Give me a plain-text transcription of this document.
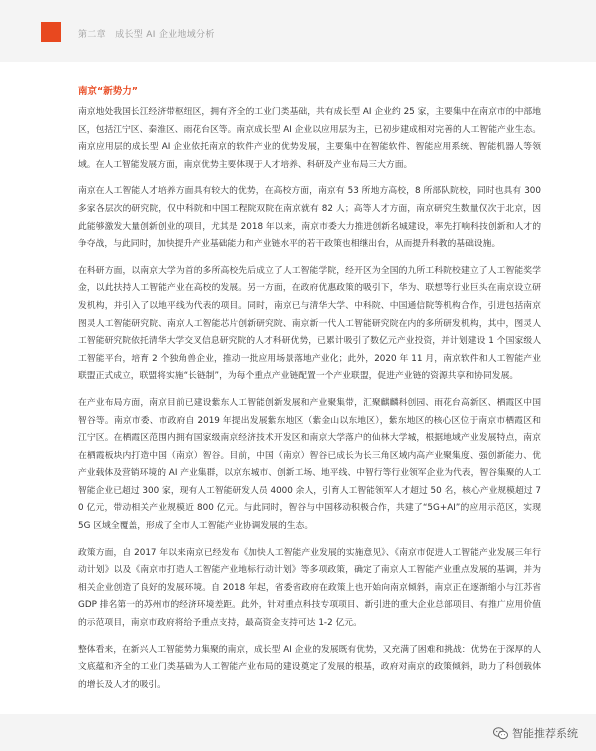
第二章　成长型 AI 企业地域分析
南京“新势力”

南京地处我国长江经济带枢纽区，拥有齐全的工业门类基础，共有成长型 AI 企业约 25 家，主要集中在南京市的中部地区，包括江宁区、秦淮区、雨花台区等。南京成长型 AI 企业以应用层为主，已初步建成相对完善的人工智能产业生态。南京应用层的成长型 AI 企业依托南京的软件产业的优势发展，主要集中在智能软件、智能应用系统、智能机器人等领域。在人工智能发展方面，南京优势主要体现于人才培养、科研及产业布局三大方面。

南京在人工智能人才培养方面具有较大的优势，在高校方面，南京有 53 所地方高校，8 所部队院校，同时也具有 300 多家各层次的研究院，仅中科院和中国工程院双院在南京就有 82 人；高等人才方面，南京研究生数量仅次于北京，因此能够激发大量创新创业的项目，尤其是 2018 年以来，南京市委大力推进创新名城建设，率先打响科技创新和人才的争夺战，与此同时，加快提升产业基础能力和产业链水平的若干政策也相继出台，从而提升科教的基础设施。

在科研方面，以南京大学为首的多所高校先后成立了人工智能学院，经开区为全国的九所工科院校建立了人工智能奖学金，以此扶持人工智能产业在高校的发展。另一方面，在政府优惠政策的吸引下，华为、联想等行业巨头在南京设立研发机构，并引入了以地平线为代表的项目。同时，南京已与清华大学、中科院、中国通信院等机构合作，引进包括南京图灵人工智能研究院、南京人工智能芯片创新研究院、南京新一代人工智能研究院在内的多所研发机构，其中，图灵人工智能研究院依托清华大学交叉信息研究院的人才科研优势，已累计吸引了数亿元产业投资，并计划建设 1 个国家级人工智能平台，培育 2 个独角兽企业，推动一批应用场景落地产业化；此外，2020 年 11 月，南京软件和人工智能产业联盟正式成立，联盟将实施“长链制”，为每个重点产业链配置一个产业联盟，促进产业链的资源共享和协同发展。

在产业布局方面，南京目前已建设紫东人工智能创新发展和产业聚集带，汇聚麒麟科创园、雨花台高新区、栖霞区中国智谷等。南京市委、市政府自 2019 年提出发展紫东地区（紫金山以东地区），紫东地区的核心区位于南京市栖霞区和江宁区。在栖霞区范围内拥有国家级南京经济技术开发区和南京大学落户的仙林大学城，根据地域产业发展特点，南京在栖霞板块内打造中国（南京）智谷。目前，中国（南京）智谷已成长为长三角区域内高产业聚集度、强创新能力、优产业载体及营销环境的 AI 产业集群，以京东城市、创新工场、地平线、中智行等行业领军企业为代表，智谷集聚的人工智能企业已超过 300 家，现有人工智能研发人员 4000 余人，引育人工智能领军人才超过 50 名，核心产业规模超过 70 亿元，带动相关产业规模近 800 亿元。与此同时，智谷与中国移动积极合作，共建了“5G+AI”的应用示范区，实现 5G 区域全覆盖，形成了全市人工智能产业协调发展的生态。

政策方面，自 2017 年以来南京已经发布《加快人工智能产业发展的实施意见》、《南京市促进人工智能产业发展三年行动计划》以及《南京市打造人工智能产业地标行动计划》等多项政策，确定了南京人工智能产业重点发展的基调，并为相关企业创造了良好的发展环境。自 2018 年起，省委省政府在政策上也开始向南京倾斜，南京正在逐渐缩小与江苏省 GDP 排名第一的苏州市的经济环境差距。此外，针对重点科技专项项目、新引进的重大企业总部项目、有推广应用价值的示范项目，南京市政府将给予重点支持，最高资金支持可达 1-2 亿元。

整体看来，在新兴人工智能势力集聚的南京，成长型 AI 企业的发展既有优势，又充满了困难和挑战：优势在于深厚的人文底蕴和齐全的工业门类基础为人工智能产业布局的建设奠定了发展的根基，政府对南京的政策倾斜，助力了科创载体的增长及人才的吸引。

智能推荐系统
